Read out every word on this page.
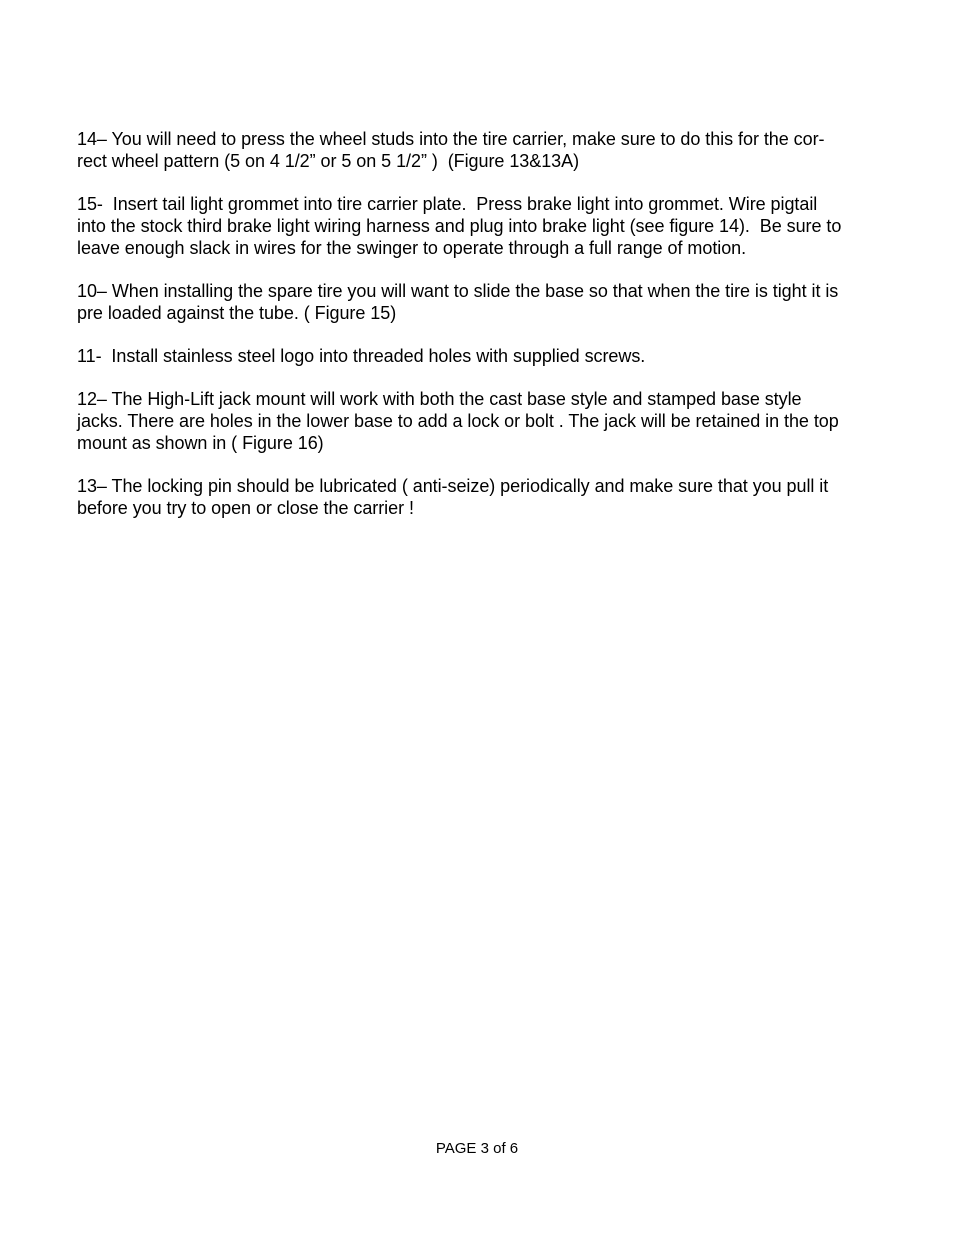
14– You will need to press the wheel studs into the tire carrier, make sure to do this for the cor-
rect wheel pattern (5 on 4 1/2” or 5 on 5 1/2” )  (Figure 13&13A)

15-  Insert tail light grommet into tire carrier plate.  Press brake light into grommet. Wire pigtail
into the stock third brake light wiring harness and plug into brake light (see figure 14).  Be sure to
leave enough slack in wires for the swinger to operate through a full range of motion.

10– When installing the spare tire you will want to slide the base so that when the tire is tight it is
pre loaded against the tube. ( Figure 15)

11-  Install stainless steel logo into threaded holes with supplied screws.

12– The High-Lift jack mount will work with both the cast base style and stamped base style
jacks. There are holes in the lower base to add a lock or bolt . The jack will be retained in the top
mount as shown in ( Figure 16)

13– The locking pin should be lubricated ( anti-seize) periodically and make sure that you pull it
before you try to open or close the carrier !

PAGE 3 of 6
